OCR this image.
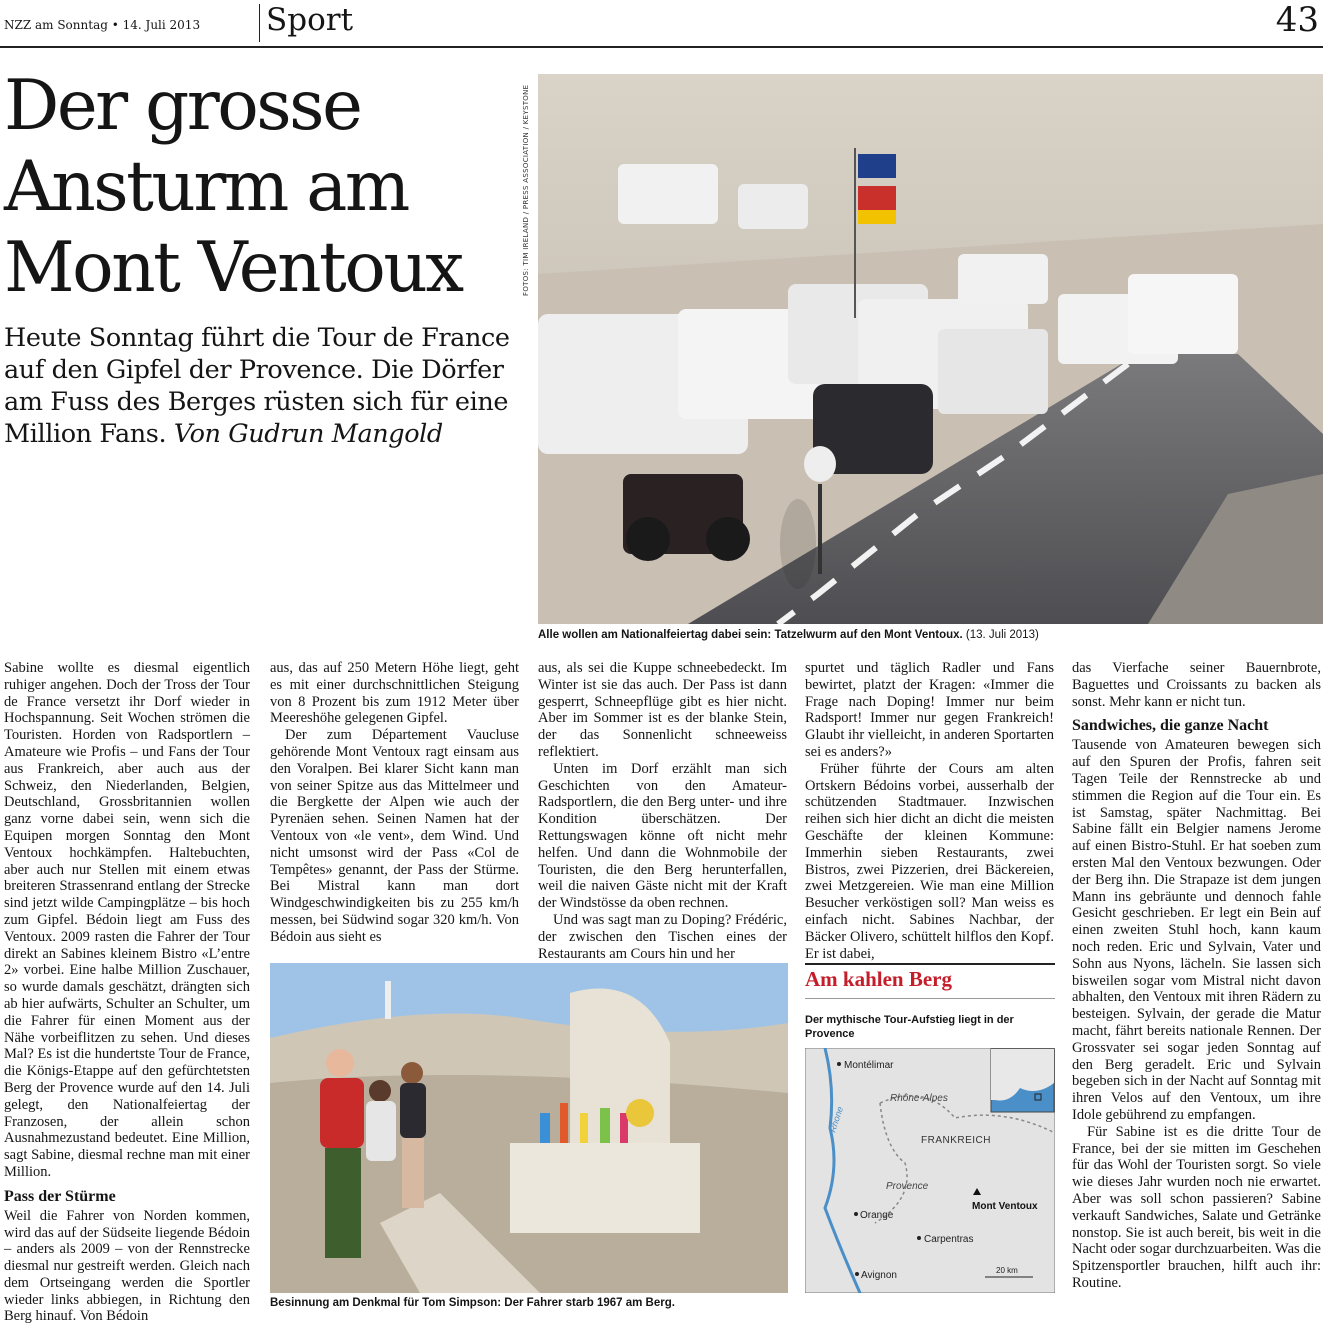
NZZ am Sonntag • 14. Juli 2013 Sport	43
Der grosse Ansturm am Mont Ventoux
Heute Sonntag führt die Tour de France auf den Gipfel der Provence. Die Dörfer am Fuss des Berges rüsten sich für eine Million Fans. Von Gudrun Mangold
FOTOS: TIM IRELAND / PRESS ASSOCIATION / KEYSTONE
Alle wollen am Nationalfeiertag dabei sein: Tatzelwurm auf den Mont Ventoux. (13. Juli 2013)

Sabine wollte es diesmal eigentlich ruhiger angehen. Doch der Tross der Tour de France versetzt ihr Dorf wieder in Hochspannung. Seit Wochen strömen die Touristen. Horden von Radsportlern – Amateure wie Profis – und Fans der Tour aus Frankreich, aber auch aus der Schweiz, den Niederlanden, Belgien, Deutschland, Grossbritannien wollen ganz vorne dabei sein, wenn sich die Equipen morgen Sonntag den Mont Ventoux hochkämpfen. Haltebuchten, aber auch nur Stellen mit einem etwas breiteren Strassenrand entlang der Strecke sind jetzt wilde Campingplätze – bis hoch zum Gipfel. Bédoin liegt am Fuss des Ventoux. 2009 rasten die Fahrer der Tour direkt an Sabines kleinem Bistro «L’entre 2» vorbei. Eine halbe Million Zuschauer, so wurde damals geschätzt, drängten sich ab hier aufwärts, Schulter an Schulter, um die Fahrer für einen Moment aus der Nähe vorbeiflitzen zu sehen. Und dieses Mal? Es ist die hundertste Tour de France, die Königs-Etappe auf den gefürchtetsten Berg der Provence wurde auf den 14. Juli gelegt, den Nationalfeiertag der Franzosen, der allein schon Ausnahmezustand bedeutet. Eine Million, sagt Sabine, diesmal rechne man mit einer Million.

Pass der Stürme

Weil die Fahrer von Norden kommen, wird das auf der Südseite liegende Bédoin – anders als 2009 – von der Rennstrecke diesmal nur gestreift werden. Gleich nach dem Ortseingang werden die Sportler wieder links abbiegen, in Richtung den Berg hinauf. Von Bédoin

aus, das auf 250 Metern Höhe liegt, geht es mit einer durchschnittlichen Steigung von 8 Prozent bis zum 1912 Meter über Meereshöhe gelegenen Gipfel.

Der zum Département Vaucluse gehörende Mont Ventoux ragt einsam aus den Voralpen. Bei klarer Sicht kann man von seiner Spitze aus das Mittelmeer und die Bergkette der Alpen wie auch der Pyrenäen sehen. Seinen Namen hat der Ventoux von «le vent», dem Wind. Und nicht umsonst wird der Pass «Col de Tempêtes» genannt, der Pass der Stürme. Bei Mistral kann man dort Windgeschwindigkeiten bis zu 255 km/h messen, bei Südwind sogar 320 km/h. Von Bédoin aus sieht es

aus, als sei die Kuppe schneebedeckt. Im Winter ist sie das auch. Der Pass ist dann gesperrt, Schneepflüge gibt es hier nicht. Aber im Sommer ist es der blanke Stein, der das Sonnenlicht schneeweiss reflektiert.

Unten im Dorf erzählt man sich Geschichten von den Amateur-Radsportlern, die den Berg unter- und ihre Kondition überschätzen. Der Rettungswagen könne oft nicht mehr helfen. Und dann die Wohnmobile der Touristen, die den Berg herunterfallen, weil die naiven Gäste nicht mit der Kraft der Windstösse da oben rechnen.

Und was sagt man zu Doping? Frédéric, der zwischen den Tischen eines der Restaurants am Cours hin und her

spurtet und täglich Radler und Fans bewirtet, platzt der Kragen: «Immer die Frage nach Doping! Immer nur beim Radsport! Immer nur gegen Frankreich! Glaubt ihr vielleicht, in anderen Sportarten sei es anders?»

Früher führte der Cours am alten Ortskern Bédoins vorbei, ausserhalb der schützenden Stadtmauer. Inzwischen reihen sich hier dicht an dicht die meisten Geschäfte der kleinen Kommune: Immerhin sieben Restaurants, zwei Bistros, zwei Pizzerien, drei Bäckereien, zwei Metzgereien. Wie man eine Million Besucher verköstigen soll? Man weiss es einfach nicht. Sabines Nachbar, der Bäcker Olivero, schüttelt hilflos den Kopf. Er ist dabei,

das Vierfache seiner Bauernbrote, Baguettes und Croissants zu backen als sonst. Mehr kann er nicht tun.

Sandwiches, die ganze Nacht

Tausende von Amateuren bewegen sich auf den Spuren der Profis, fahren seit Tagen Teile der Rennstrecke ab und stimmen die Region auf die Tour ein. Es ist Samstag, später Nachmittag. Bei Sabine fällt ein Belgier namens Jerome auf einen Bistro-Stuhl. Er hat soeben zum ersten Mal den Ventoux bezwungen. Oder der Berg ihn. Die Strapaze ist dem jungen Mann ins gebräunte und dennoch fahle Gesicht geschrieben. Er legt ein Bein auf einen zweiten Stuhl hoch, kann kaum noch reden. Eric und Sylvain, Vater und Sohn aus Nyons, lächeln. Sie lassen sich bisweilen sogar vom Mistral nicht davon abhalten, den Ventoux mit ihren Rädern zu besteigen. Sylvain, der gerade die Matur macht, fährt bereits nationale Rennen. Der Grossvater sei sogar jeden Sonntag auf den Berg geradelt. Eric und Sylvain begeben sich in der Nacht auf Sonntag mit ihren Velos auf den Ventoux, um ihre Idole gebührend zu empfangen.

Für Sabine ist es die dritte Tour de France, bei der sie mitten im Geschehen für das Wohl der Touristen sorgt. So viele wie dieses Jahr wurden noch nie erwartet. Aber was soll schon passieren? Sabine verkauft Sandwiches, Salate und Getränke nonstop. Sie ist auch bereit, bis weit in die Nacht oder sogar durchzuarbeiten. Was die Spitzensportler brauchen, hilft auch ihr: Routine.

Besinnung am Denkmal für Tom Simpson: Der Fahrer starb 1967 am Berg.
Am kahlen Berg
Der mythische Tour-Aufstieg liegt in der Provence
Montélimar
Rhône-Alpes
Rhone
FRANKREICH
Provence
Mont Ventoux
Orange
Carpentras
Avignon	20 km
